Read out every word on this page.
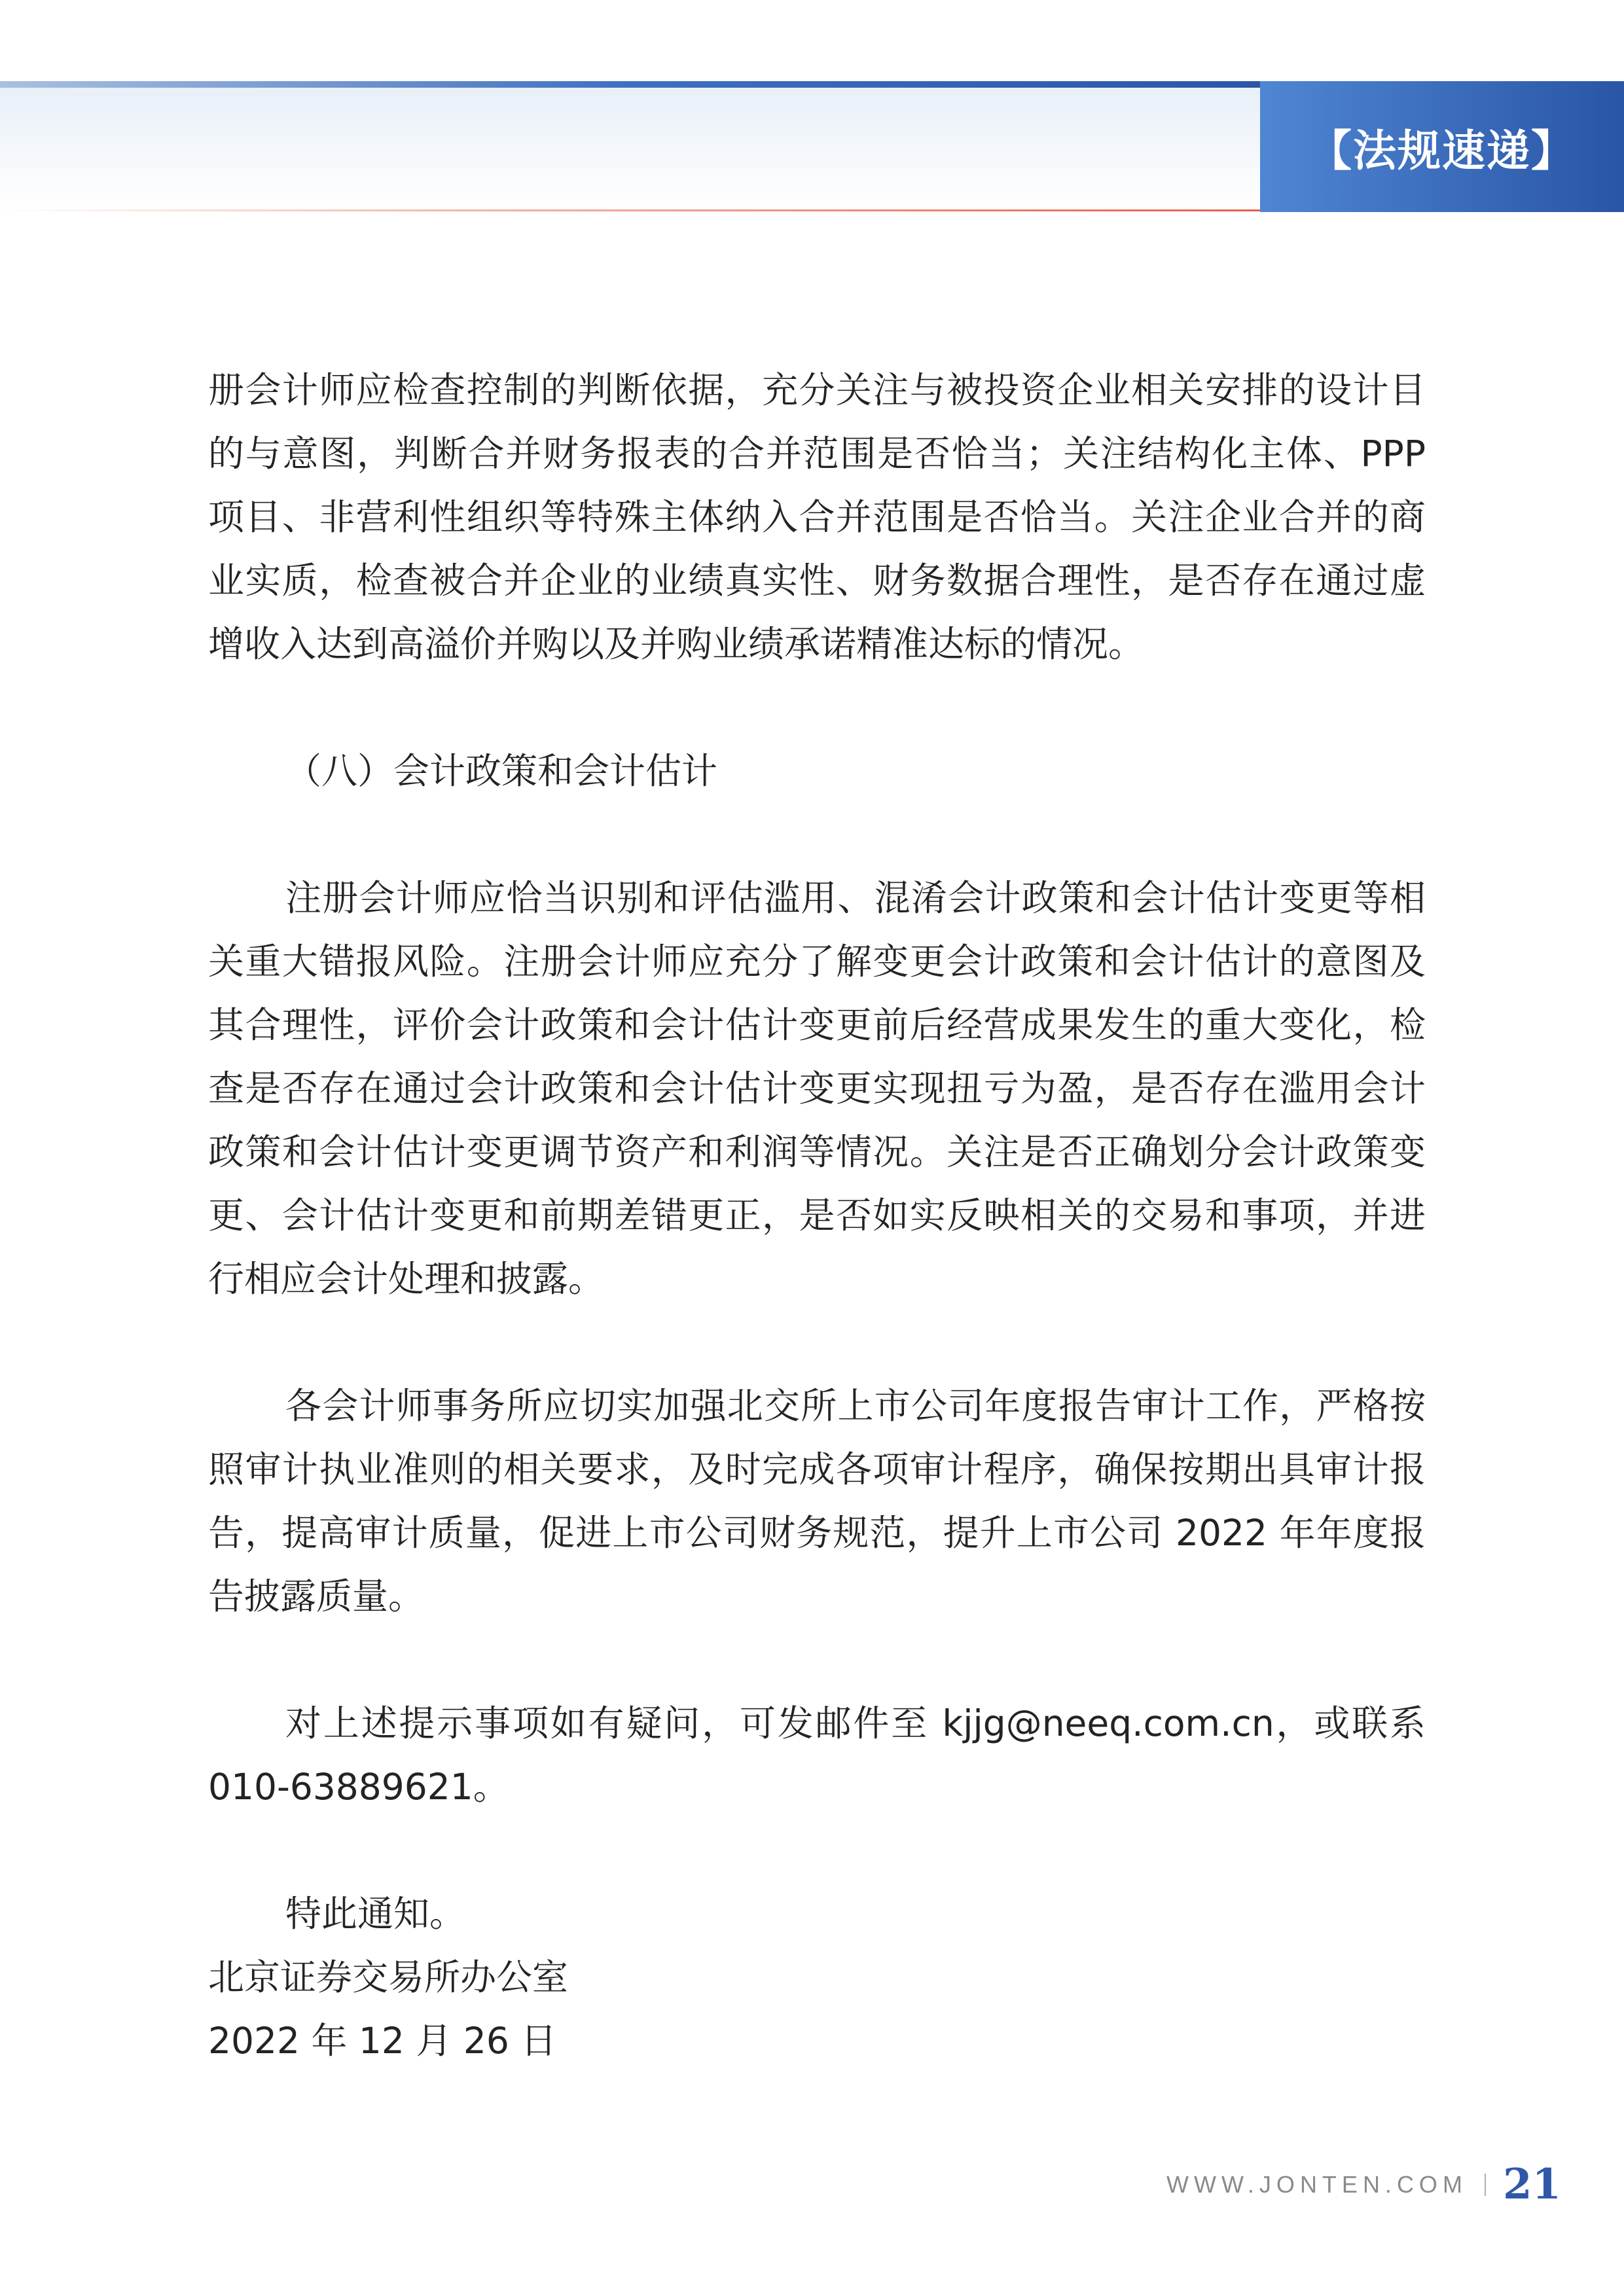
【法规速递】

册会计师应检查控制的判断依据，充分关注与被投资企业相关安排的设计目的与意图，判断合并财务报表的合并范围是否恰当；关注结构化主体、PPP 项目、非营利性组织等特殊主体纳入合并范围是否恰当。关注企业合并的商业实质，检查被合并企业的业绩真实性、财务数据合理性，是否存在通过虚增收入达到高溢价并购以及并购业绩承诺精准达标的情况。

（八）会计政策和会计估计

注册会计师应恰当识别和评估滥用、混淆会计政策和会计估计变更等相关重大错报风险。注册会计师应充分了解变更会计政策和会计估计的意图及其合理性，评价会计政策和会计估计变更前后经营成果发生的重大变化，检查是否存在通过会计政策和会计估计变更实现扭亏为盈，是否存在滥用会计政策和会计估计变更调节资产和利润等情况。关注是否正确划分会计政策变更、会计估计变更和前期差错更正，是否如实反映相关的交易和事项，并进行相应会计处理和披露。

各会计师事务所应切实加强北交所上市公司年度报告审计工作，严格按照审计执业准则的相关要求，及时完成各项审计程序，确保按期出具审计报告，提高审计质量，促进上市公司财务规范，提升上市公司 2022 年年度报告披露质量。

对上述提示事项如有疑问，可发邮件至 kjjg@neeq.com.cn，或联系010-63889621。

特此通知。

北京证券交易所办公室

2022 年 12 月 26 日

WWW.JONTEN.COM 21
